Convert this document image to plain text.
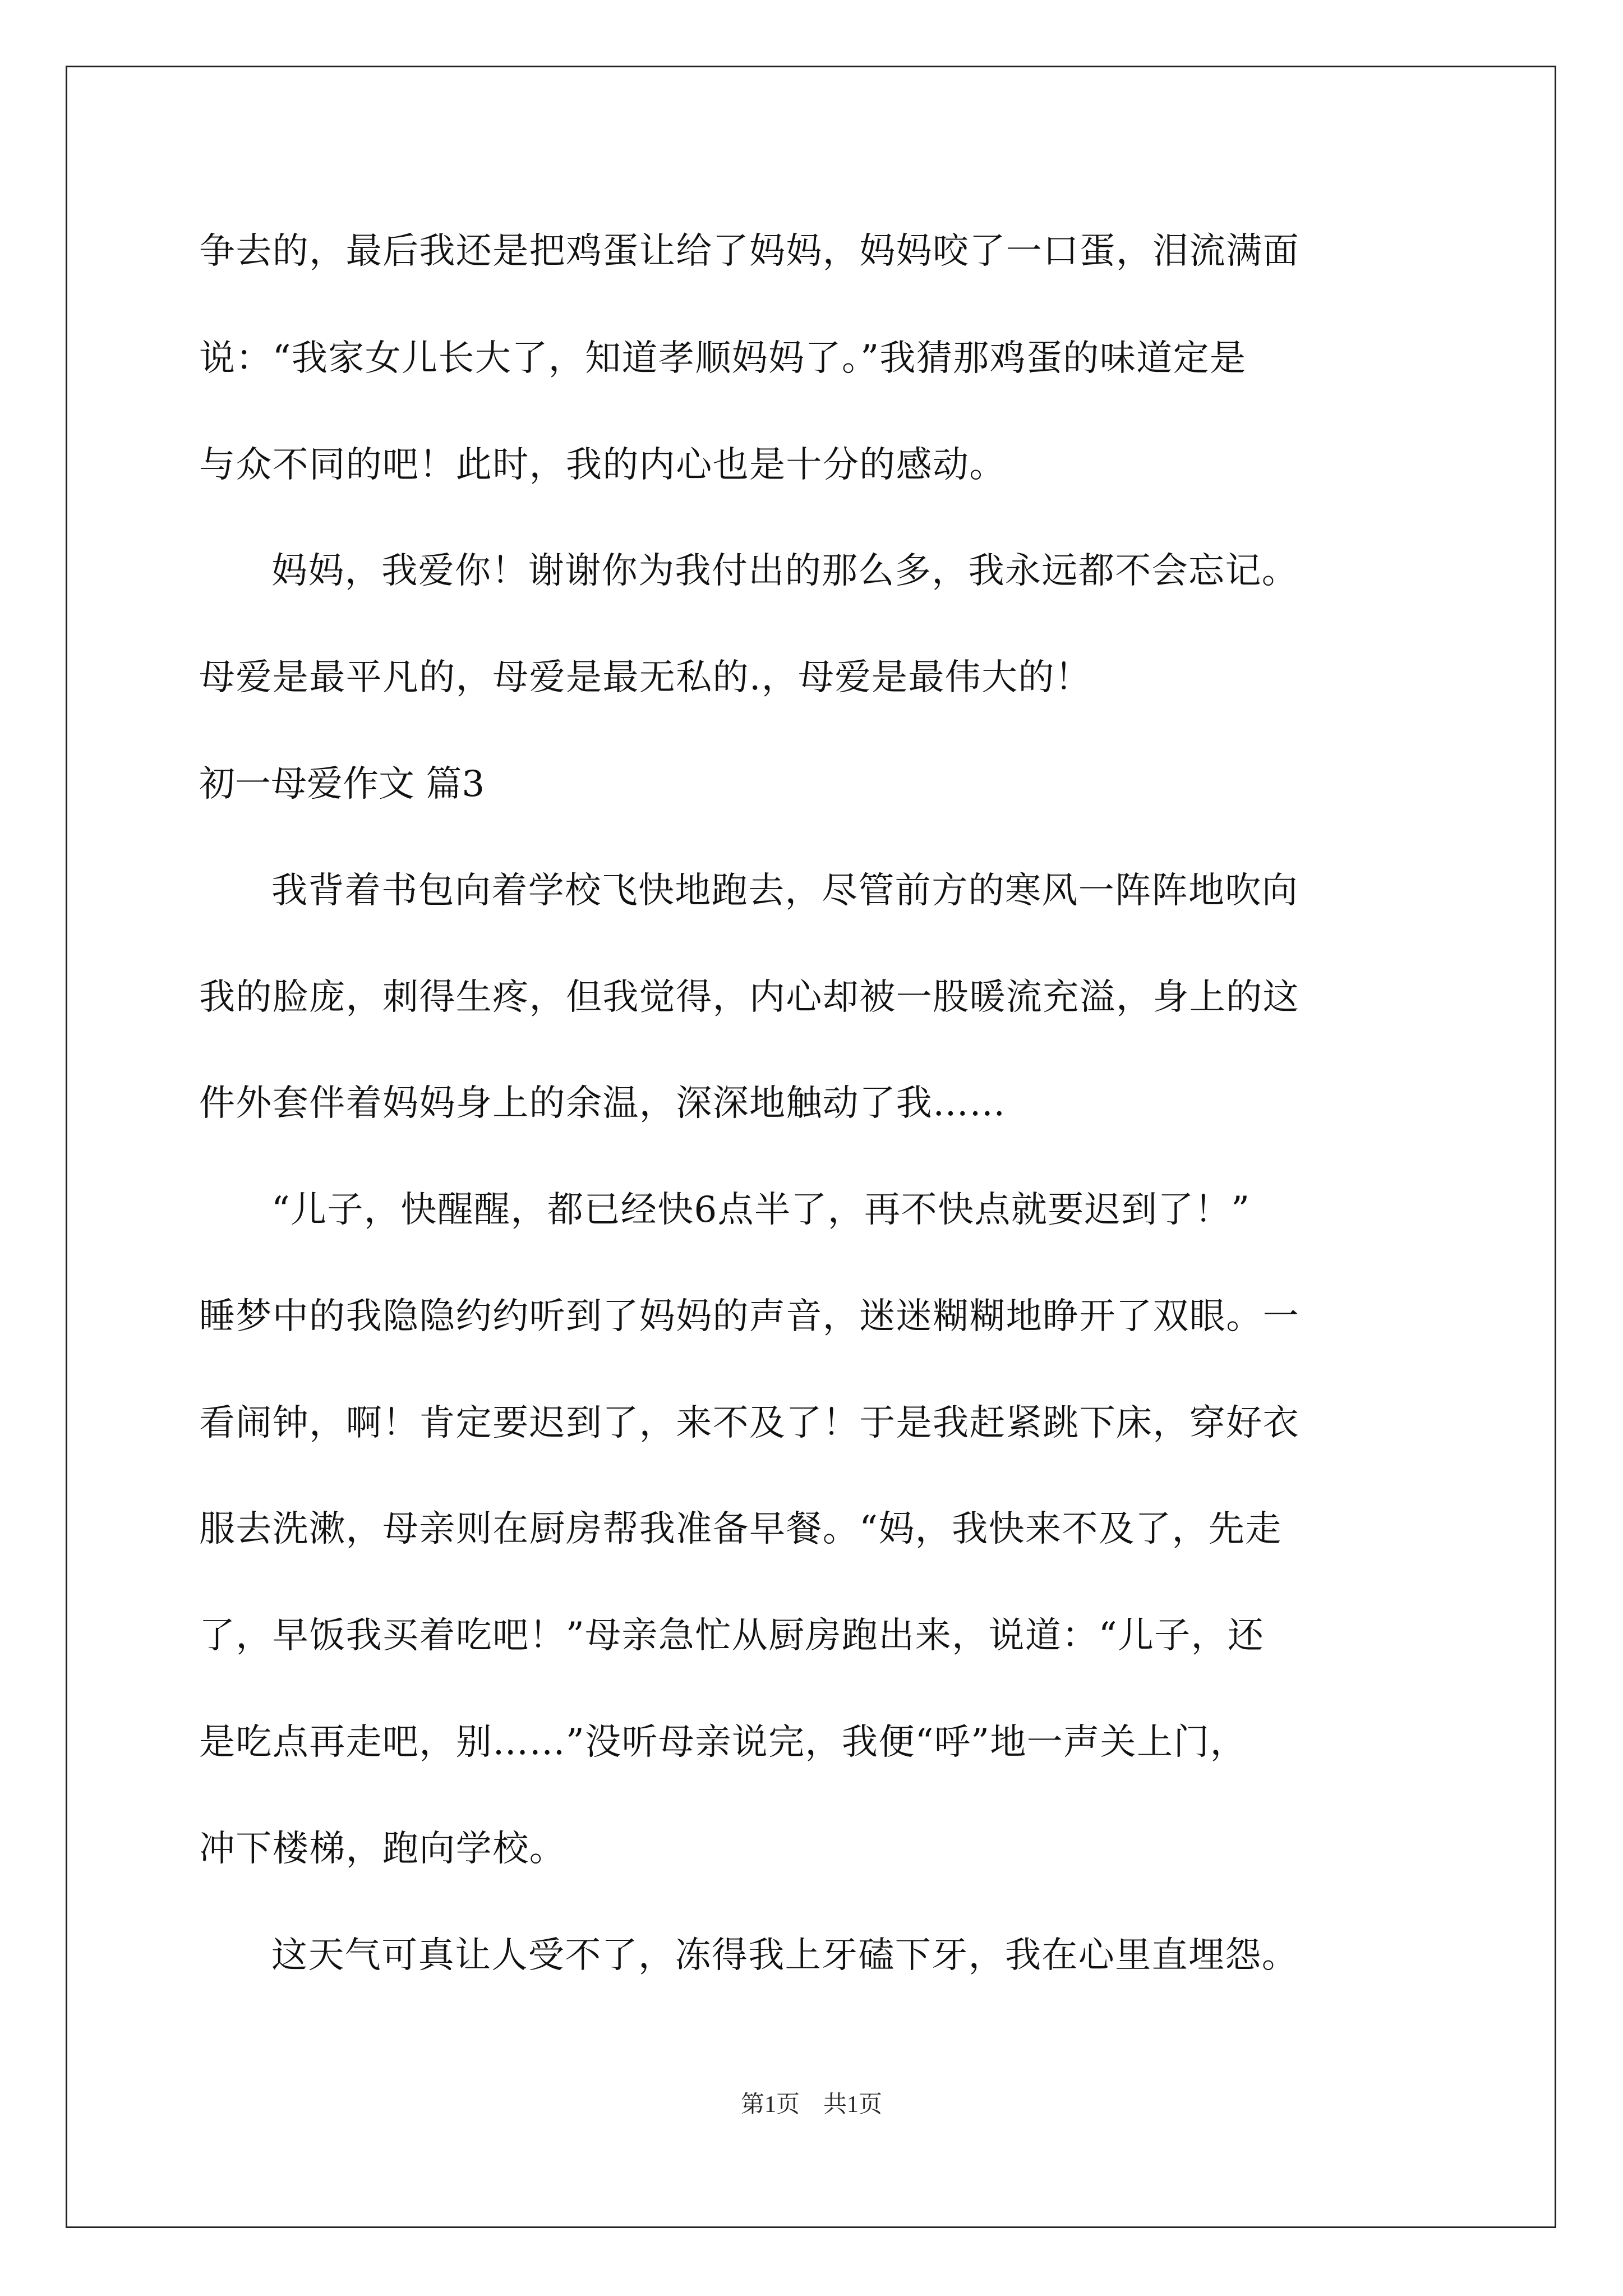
争去的，最后我还是把鸡蛋让给了妈妈，妈妈咬了一口蛋，泪流满面
说：“我家女儿长大了，知道孝顺妈妈了。”我猜那鸡蛋的味道定是
与众不同的吧！此时，我的内心也是十分的感动。
妈妈，我爱你！谢谢你为我付出的那么多，我永远都不会忘记。
母爱是最平凡的，母爱是最无私的.，母爱是最伟大的！
初一母爱作文 篇3
我背着书包向着学校飞快地跑去，尽管前方的寒风一阵阵地吹向
我的脸庞，刺得生疼，但我觉得，内心却被一股暖流充溢，身上的这
件外套伴着妈妈身上的余温，深深地触动了我……
“儿子，快醒醒，都已经快6点半了，再不快点就要迟到了！”
睡梦中的我隐隐约约听到了妈妈的声音，迷迷糊糊地睁开了双眼。一
看闹钟，啊！肯定要迟到了，来不及了！于是我赶紧跳下床，穿好衣
服去洗漱，母亲则在厨房帮我准备早餐。“妈，我快来不及了，先走
了，早饭我买着吃吧！”母亲急忙从厨房跑出来，说道：“儿子，还
是吃点再走吧，别……”没听母亲说完，我便“呼”地一声关上门，
冲下楼梯，跑向学校。
这天气可真让人受不了，冻得我上牙磕下牙，我在心里直埋怨。
第1页　共1页
